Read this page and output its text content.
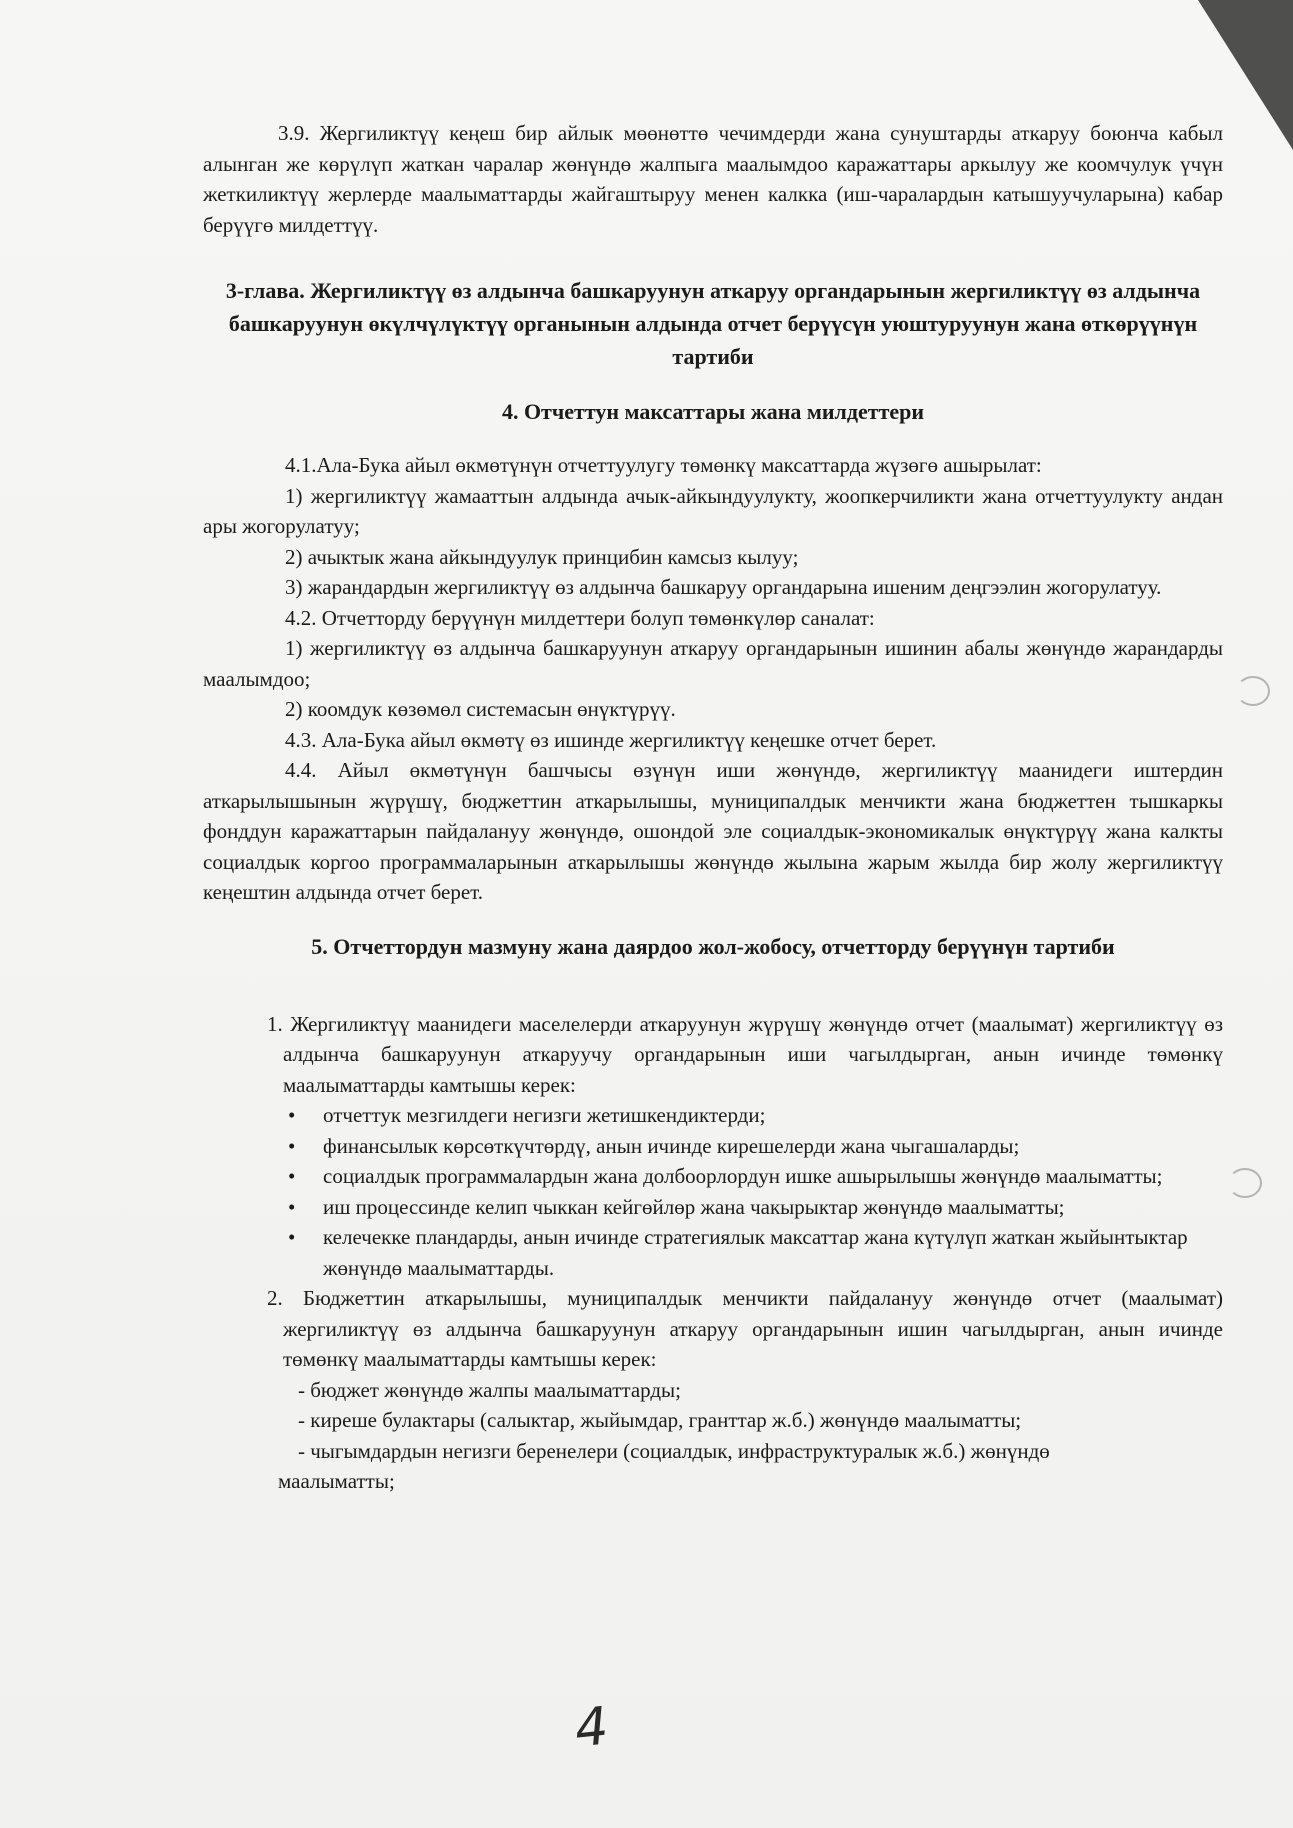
3.9. Жергиликтүү кеңеш бир айлык мөөнөттө чечимдерди жана сунуштарды аткаруу боюнча кабыл алынган же көрүлүп жаткан чаралар жөнүндө жалпыга маалымдоо каражаттары аркылуу же коомчулук үчүн жеткиликтүү жерлерде маалыматтарды жайгаштыруу менен калкка (иш-чаралардын катышуучуларына) кабар берүүгө милдеттүү.

3-глава. Жергиликтүү өз алдынча башкаруунун аткаруу органдарынын жергиликтүү өз алдынча башкаруунун өкүлчүлүктүү органынын алдында отчет берүүсүн уюштуруунун жана өткөрүүнүн тартиби

4. Отчеттун максаттары жана милдеттери

4.1.Ала-Бука айыл өкмөтүнүн отчеттуулугу төмөнкү максаттарда жүзөгө ашырылат:

1) жергиликтүү жамааттын алдында ачык-айкындуулукту, жоопкерчиликти жана отчеттуулукту андан ары жогорулатуу;

2) ачыктык жана айкындуулук принцибин камсыз кылуу;

3) жарандардын жергиликтүү өз алдынча башкаруу органдарына ишеним деңгээлин жогорулатуу.

4.2. Отчетторду берүүнүн милдеттери болуп төмөнкүлөр саналат:

1) жергиликтүү өз алдынча башкаруунун аткаруу органдарынын ишинин абалы жөнүндө жарандарды маалымдоо;

2) коомдук көзөмөл системасын өнүктүрүү.

4.3. Ала-Бука айыл өкмөтү өз ишинде жергиликтүү кеңешке отчет берет.

4.4. Айыл өкмөтүнүн башчысы өзүнүн иши жөнүндө, жергиликтүү маанидеги иштердин аткарылышынын жүрүшү, бюджеттин аткарылышы, муниципалдык менчикти жана бюджеттен тышкаркы фонддун каражаттарын пайдалануу жөнүндө, ошондой эле социалдык-экономикалык өнүктүрүү жана калкты социалдык коргоо программаларынын аткарылышы жөнүндө жылына жарым жылда бир жолу жергиликтүү кеңештин алдында отчет берет.

5. Отчеттордун мазмуну жана даярдоо жол-жобосу, отчетторду берүүнүн тартиби

1. Жергиликтүү маанидеги маселелерди аткаруунун жүрүшү жөнүндө отчет (маалымат) жергиликтүү өз алдынча башкаруунун аткаруучу органдарынын иши чагылдырган, анын ичинде төмөнкү маалыматтарды камтышы керек:

• отчеттук мезгилдеги негизги жетишкендиктерди;
• финансылык көрсөткүчтөрдү, анын ичинде кирешелерди жана чыгашаларды;
• социалдык программалардын жана долбоорлордун ишке ашырылышы жөнүндө маалыматты;
• иш процессинде келип чыккан кейгөйлөр жана чакырыктар жөнүндө маалыматты;
• келечекке пландарды, анын ичинде стратегиялык максаттар жана күтүлүп жаткан жыйынтыктар жөнүндө маалыматтарды.

2. Бюджеттин аткарылышы, муниципалдык менчикти пайдалануу жөнүндө отчет (маалымат) жергиликтүү өз алдынча башкаруунун аткаруу органдарынын ишин чагылдырган, анын ичинде төмөнкү маалыматтарды камтышы керек:

- бюджет жөнүндө жалпы маалыматтарды;

- киреше булактары (салыктар, жыйымдар, гранттар ж.б.) жөнүндө маалыматты;

- чыгымдардын негизги беренелери (социалдык, инфраструктуралык ж.б.) жөнүндө

маалыматты;

4
